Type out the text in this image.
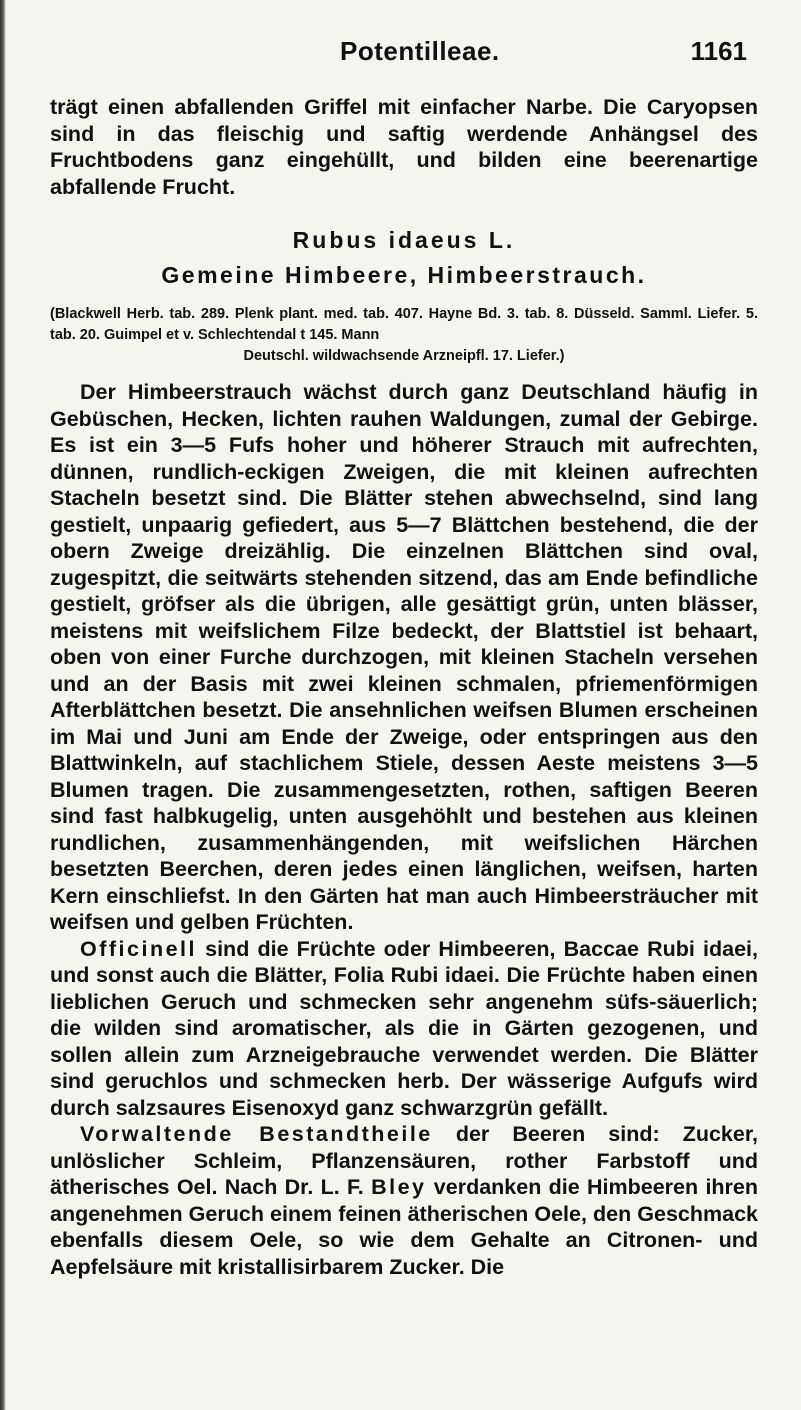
Potentilleae.	1161

trägt einen abfallenden Griffel mit einfacher Narbe. Die Caryopsen sind in das fleischig und saftig werdende Anhängsel des Fruchtbodens ganz eingehüllt, und bilden eine beerenartige abfallende Frucht.

Rubus idaeus L.
Gemeine Himbeere, Himbeerstrauch.
(Blackwell Herb. tab. 289. Plenk plant. med. tab. 407. Hayne Bd. 3. tab. 8. Düsseld. Samml. Liefer. 5. tab. 20. Guimpel et v. Schlechtendal t 145. Mann
Deutschl. wildwachsende Arzneipfl. 17. Liefer.)

Der Himbeerstrauch wächst durch ganz Deutschland häufig in Gebüschen, Hecken, lichten rauhen Waldungen, zumal der Gebirge. Es ist ein 3—5 Fufs hoher und höherer Strauch mit aufrechten, dünnen, rundlich-eckigen Zweigen, die mit kleinen aufrechten Stacheln besetzt sind. Die Blätter stehen abwechselnd, sind lang gestielt, unpaarig gefiedert, aus 5—7 Blättchen bestehend, die der obern Zweige dreizählig. Die einzelnen Blättchen sind oval, zugespitzt, die seitwärts stehenden sitzend, das am Ende befindliche gestielt, gröfser als die übrigen, alle gesättigt grün, unten blässer, meistens mit weifslichem Filze bedeckt, der Blattstiel ist behaart, oben von einer Furche durchzogen, mit kleinen Stacheln versehen und an der Basis mit zwei kleinen schmalen, pfriemenförmigen Afterblättchen besetzt. Die ansehnlichen weifsen Blumen erscheinen im Mai und Juni am Ende der Zweige, oder entspringen aus den Blattwinkeln, auf stachlichem Stiele, dessen Aeste meistens 3—5 Blumen tragen. Die zusammengesetzten, rothen, saftigen Beeren sind fast halbkugelig, unten ausgehöhlt und bestehen aus kleinen rundlichen, zusammenhängenden, mit weifslichen Härchen besetzten Beerchen, deren jedes einen länglichen, weifsen, harten Kern einschliefst. In den Gärten hat man auch Himbeersträucher mit weifsen und gelben Früchten.

Officinell sind die Früchte oder Himbeeren, Baccae Rubi idaei, und sonst auch die Blätter, Folia Rubi idaei. Die Früchte haben einen lieblichen Geruch und schmecken sehr angenehm süfs-säuerlich; die wilden sind aromatischer, als die in Gärten gezogenen, und sollen allein zum Arzneigebrauche verwendet werden. Die Blätter sind geruchlos und schmecken herb. Der wässerige Aufgufs wird durch salzsaures Eisenoxyd ganz schwarzgrün gefällt.

Vorwaltende Bestandtheile der Beeren sind: Zucker, unlöslicher Schleim, Pflanzensäuren, rother Farbstoff und ätherisches Oel. Nach Dr. L. F. Bley verdanken die Himbeeren ihren angenehmen Geruch einem feinen ätherischen Oele, den Geschmack ebenfalls diesem Oele, so wie dem Gehalte an Citronen- und Aepfelsäure mit kristallisirbarem Zucker. Die
